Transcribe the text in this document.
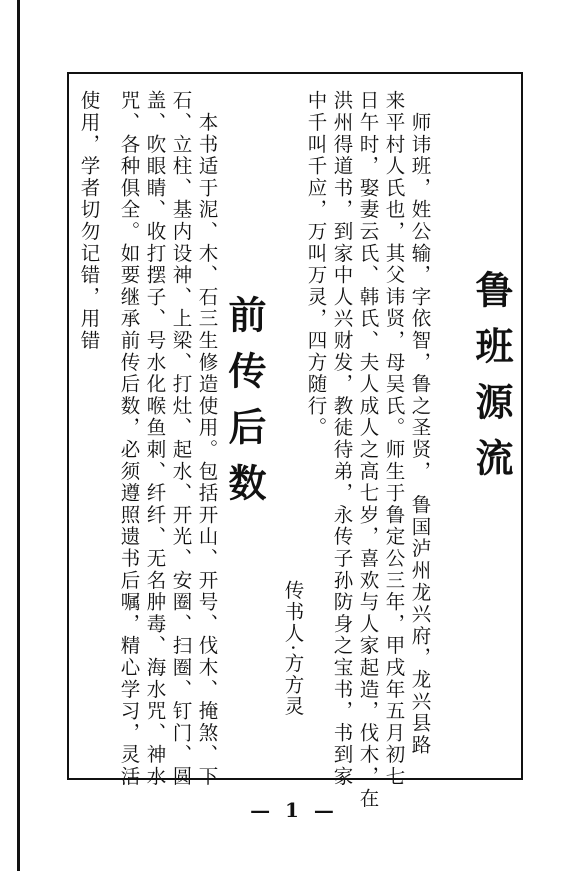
鲁班源流
　师讳班，姓公输，字依智，鲁之圣贤，　鲁国泸州龙兴府，龙兴县路
来平村人氏也，其父讳贤，母吴氏。师生于鲁定公三年，甲戌年五月初七
日午时，娶妻云氏、韩氏、夫人成人之高七岁，喜欢与人家起造，伐木，在
洪州得道书，到家中人兴财发，教徒待弟，永传子孙防身之宝书，书到家
中千叫千应，万叫万灵，四方随行。
传书人·方方灵
前传后数
　本书适于泥、木、石三生修造使用。包括开山、开号、伐木、掩煞、下
石、立柱、基内设神、上梁、打灶、起水、开光、安圈、扫圈、钉门、圆
盖、吹眼睛、收打摆子、号水化喉鱼刺、纤纤、无名肿毒、海水咒、神水
咒、各种俱全。如要继承前传后数，必须遵照遗书后嘱，精心学习，灵活
使用，学者切勿记错，用错
— 1 —
